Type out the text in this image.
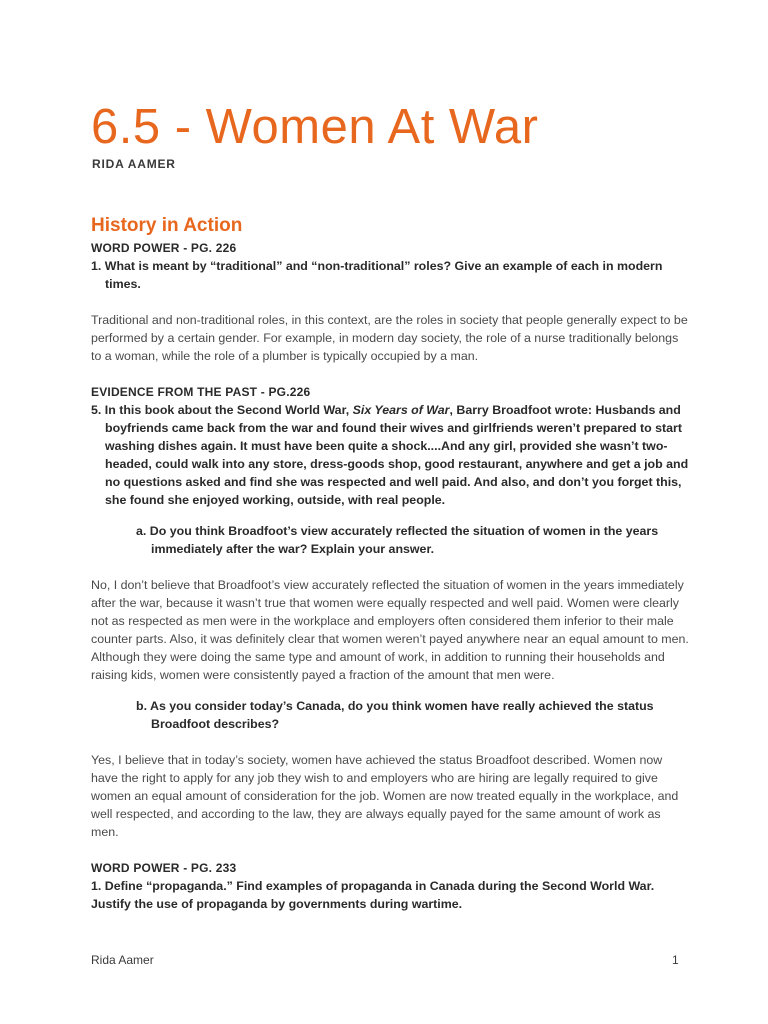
6.5 - Women At War
RIDA AAMER
History in Action

WORD POWER - PG. 226

1. What is meant by “traditional” and “non-traditional” roles? Give an example of each in modern times.

Traditional and non-traditional roles, in this context, are the roles in society that people generally expect to be performed by a certain gender. For example, in modern day society, the role of a nurse traditionally belongs to a woman, while the role of a plumber is typically occupied by a man.

EVIDENCE FROM THE PAST - PG.226

5. In this book about the Second World War, Six Years of War, Barry Broadfoot wrote: Husbands and boyfriends came back from the war and found their wives and girlfriends weren’t prepared to start washing dishes again. It must have been quite a shock....And any girl, provided she wasn’t two-headed, could walk into any store, dress-goods shop, good restaurant, anywhere and get a job and no questions asked and find she was respected and well paid. And also, and don’t you forget this, she found she enjoyed working, outside, with real people.

a. Do you think Broadfoot’s view accurately reflected the situation of women in the years immediately after the war? Explain your answer.

No, I don’t believe that Broadfoot’s view accurately reflected the situation of women in the years immediately after the war, because it wasn’t true that women were equally respected and well paid. Women were clearly not as respected as men were in the workplace and employers often considered them inferior to their male counter parts. Also, it was definitely clear that women weren’t payed anywhere near an equal amount to men. Although they were doing the same type and amount of work, in addition to running their households and raising kids, women were consistently payed a fraction of the amount that men were.

b. As you consider today’s Canada, do you think women have really achieved the status Broadfoot describes?

Yes, I believe that in today’s society, women have achieved the status Broadfoot described. Women now have the right to apply for any job they wish to and employers who are hiring are legally required to give women an equal amount of consideration for the job. Women are now treated equally in the workplace, and well respected, and according to the law, they are always equally payed for the same amount of work as men.

WORD POWER - PG. 233

1. Define “propaganda.” Find examples of propaganda in Canada during the Second World War. Justify the use of propaganda by governments during wartime.

Rida Aamer	1
